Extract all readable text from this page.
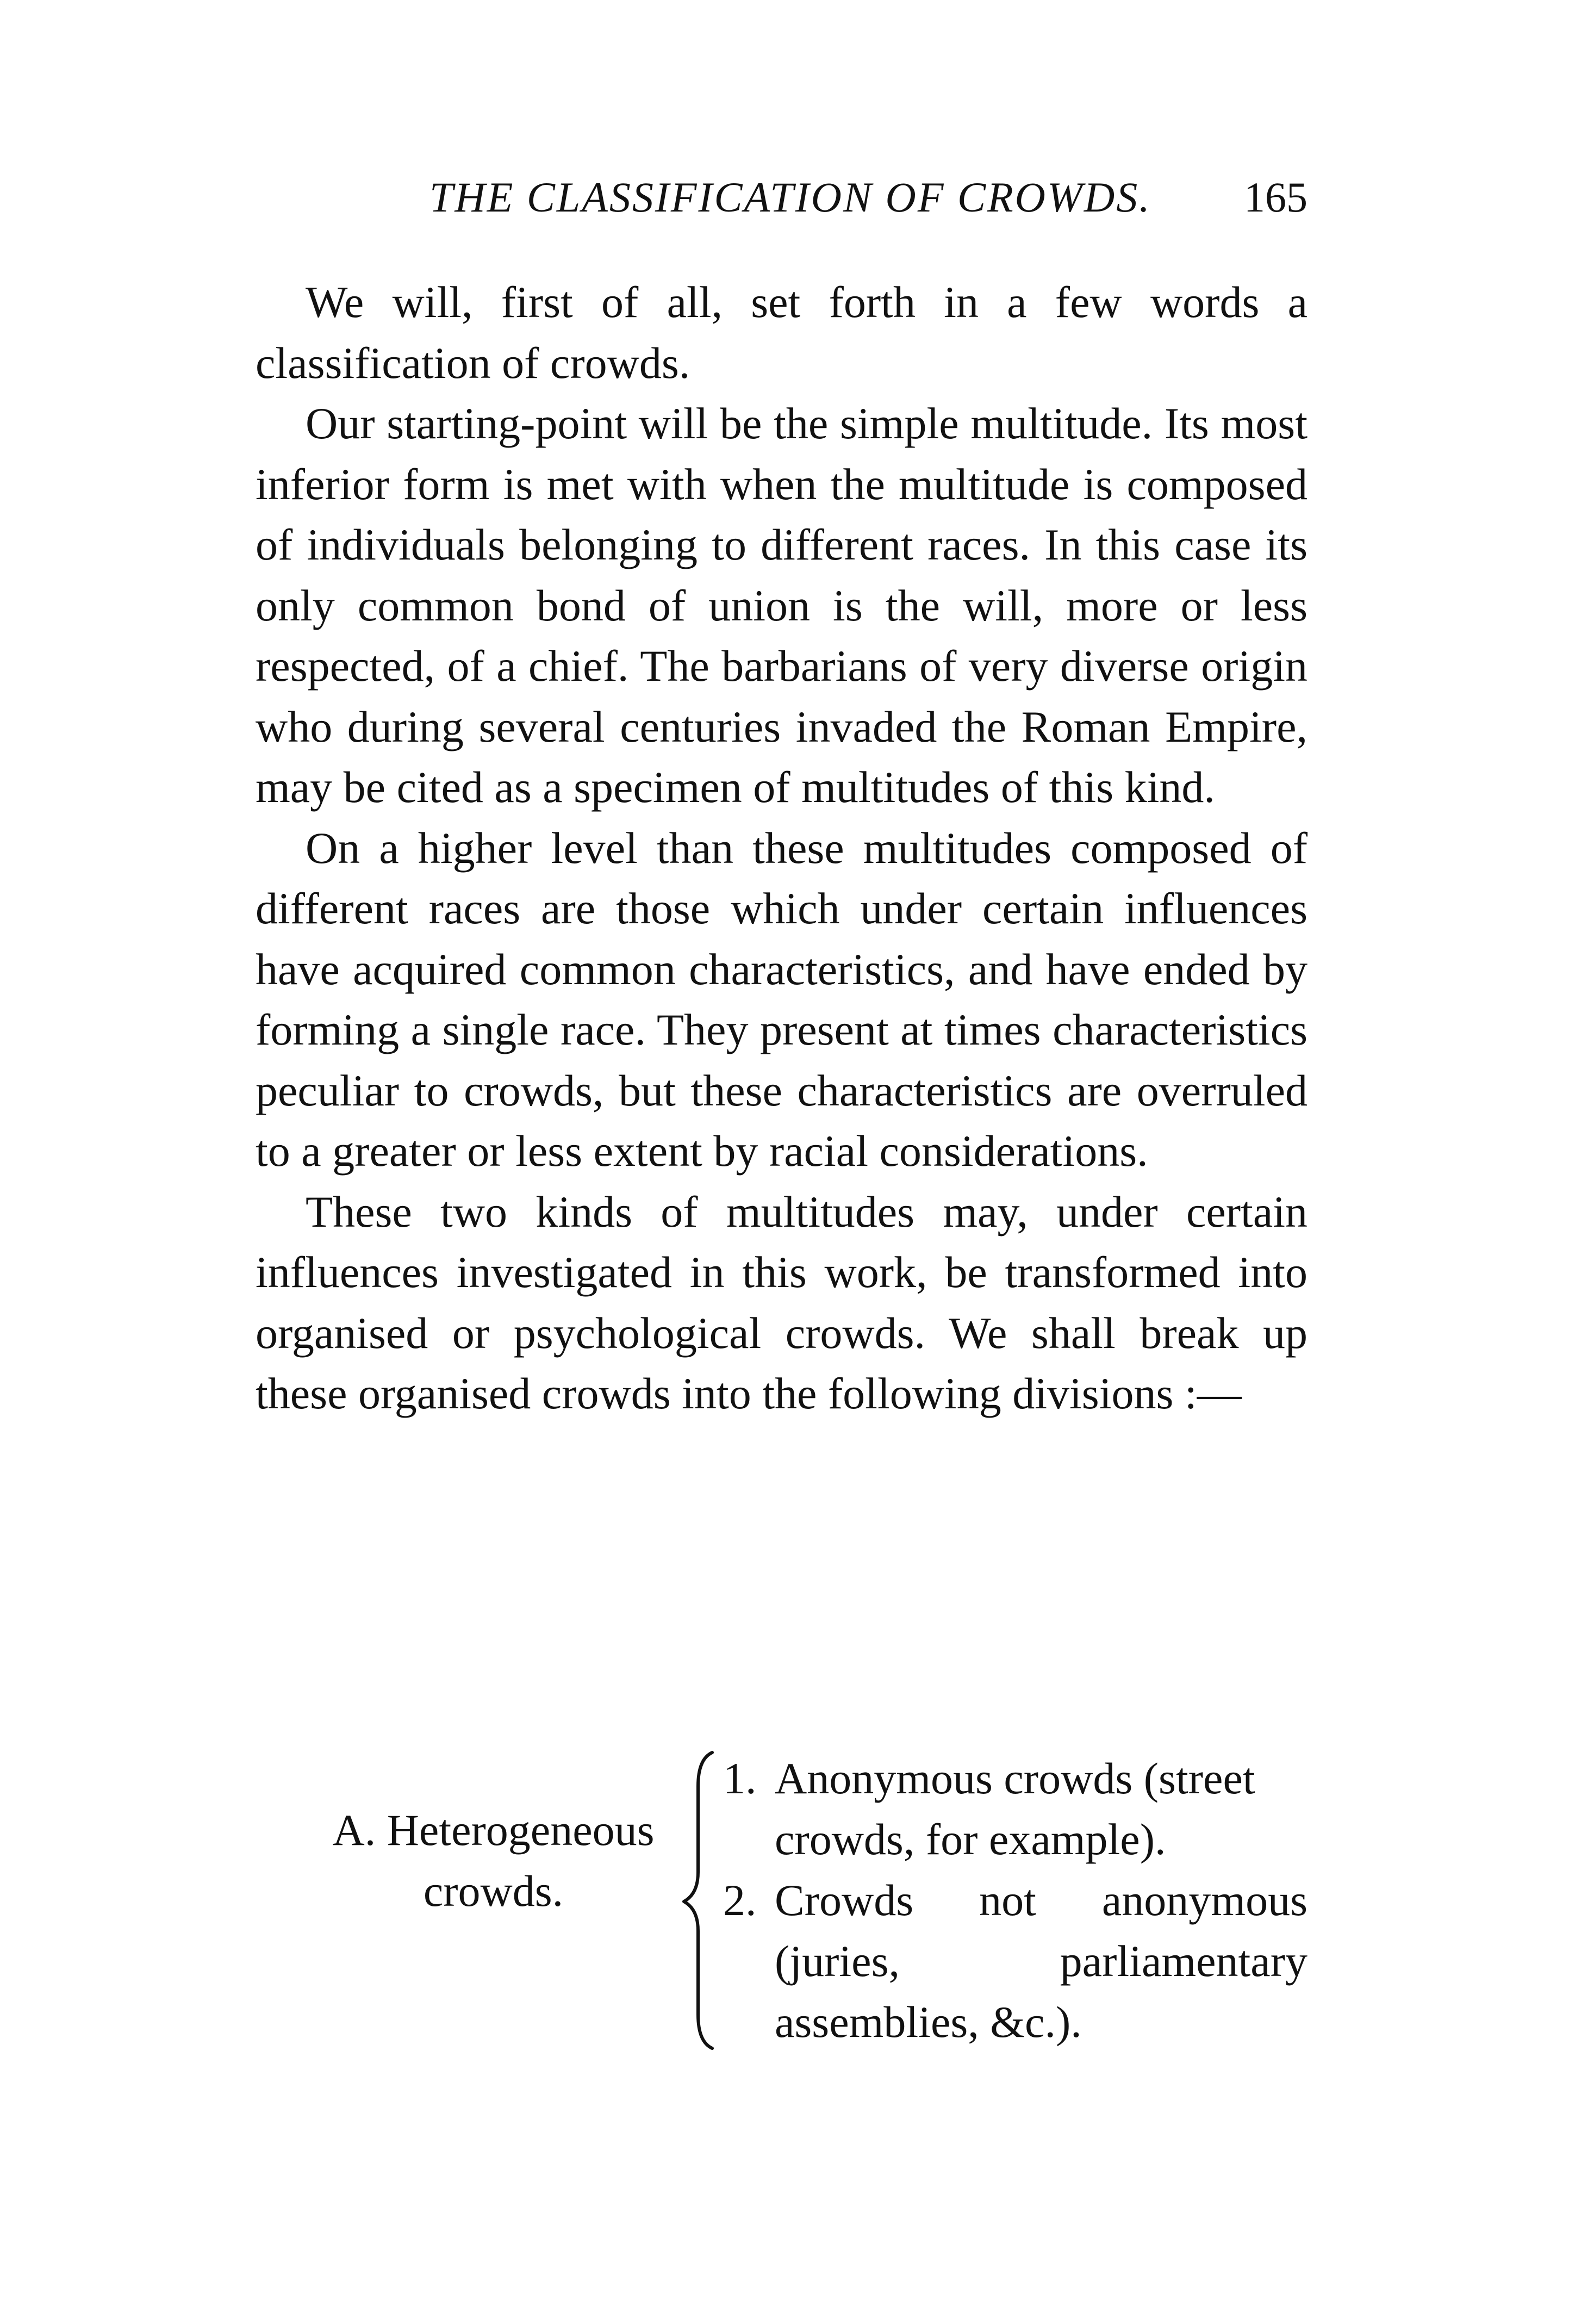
THE CLASSIFICATION OF CROWDS. 165

We will, first of all, set forth in a few words a classification of crowds.

Our starting-point will be the simple multitude. Its most inferior form is met with when the multitude is composed of individuals belonging to different races. In this case its only common bond of union is the will, more or less respected, of a chief. The barbarians of very diverse origin who during several centuries invaded the Roman Empire, may be cited as a specimen of multitudes of this kind.

On a higher level than these multitudes composed of different races are those which under certain influences have acquired common characteristics, and have ended by forming a single race. They present at times characteristics peculiar to crowds, but these characteristics are overruled to a greater or less extent by racial considerations.

These two kinds of multitudes may, under certain influences investigated in this work, be transformed into organised or psychological crowds. We shall break up these organised crowds into the following divisions :—

A. Heterogeneous
crowds.
1. Anonymous crowds (street
crowds, for example).
2. Crowds not anonymous (juries, parliamentary assemblies, &c.).
